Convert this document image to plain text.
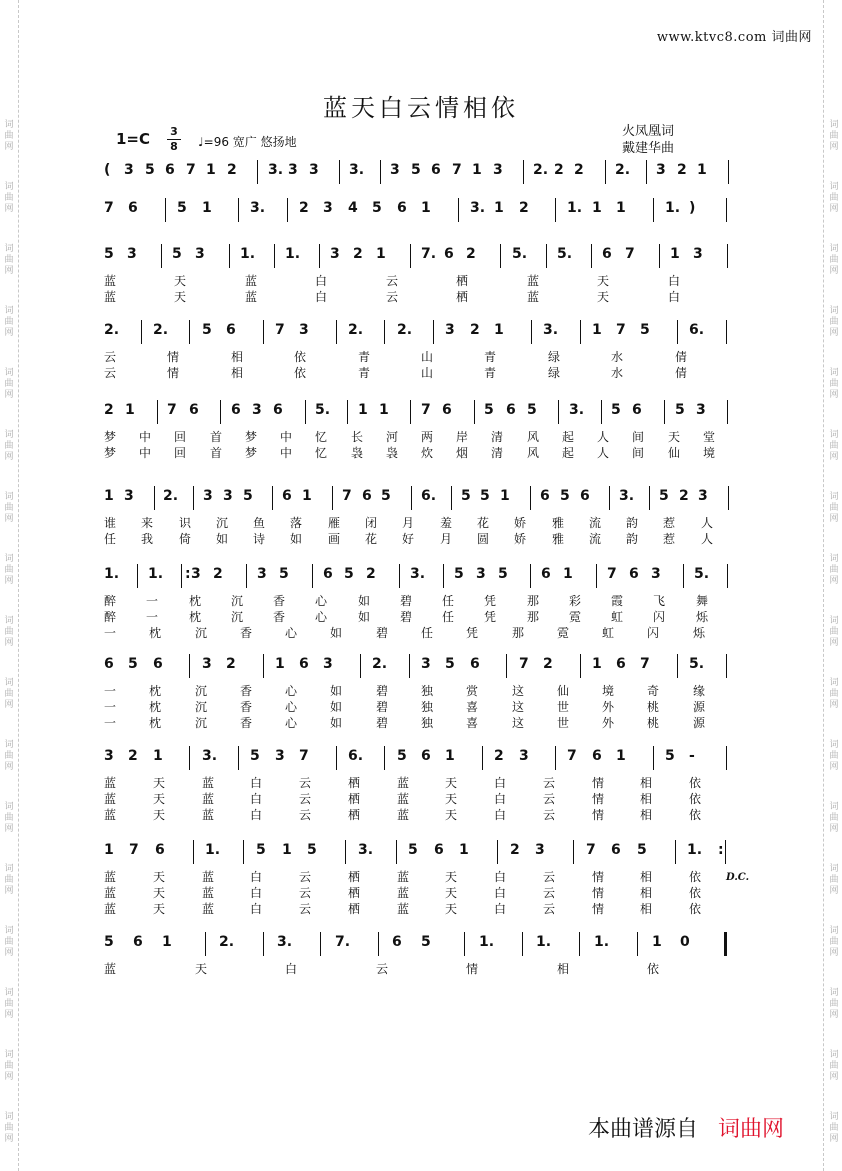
词
曲
网
词
曲
网
词
曲
网
词
曲
网
词
曲
网
词
曲
网
词
曲
网
词
曲
网
词
曲
网
词
曲
网
词
曲
网
词
曲
网
词
曲
网
词
曲
网
词
曲
网
词
曲
网
词
曲
网
词
曲
网
词
曲
网
词
曲
网
词
曲
网
词
曲
网
词
曲
网
词
曲
网
词
曲
网
词
曲
网
词
曲
网
词
曲
网
词
曲
网
词
曲
网
词
曲
网
词
曲
网
词
曲
网
词
曲
网
www.ktvc8.com 词曲网
蓝天白云情相依
1=C 3
8 ♩=96 宽广 悠扬地
火凤凰词
戴建华曲
( 3 5 6 7 1 2 3. 3 3 3. 3 5 6 7 1 3 2. 2 2 2. 3 2 1
7 6	5 1	3. 2 3 4 5 6 1	3. 1 2	1. 1 1	1. )
5 3	5 3	1. 1. 3 2 1	7. 6 2	5. 5. 6 7	1 3
蓝	天	蓝	白	云	栖	蓝	天	白
蓝	天	蓝	白	云	栖	蓝	天	白
2. 2. 5 6	7 3	2. 2. 3 2 1	3. 1 7 5	6.
云	情	相	依	青	山	青	绿	水	倩
云	情	相	依	青	山	青	绿	水	倩
2 1 7 6 6 3 6 5. 1 1 7 6 5 6 5 3. 5 6 5 3
梦 中 回 首 梦 中 忆 长 河 两 岸 清 风 起 人 间 天 堂
梦 中 回 首 梦 中 忆 袅 袅 炊 烟 清 风 起 人 间 仙 境
1 3 2. 3 3 5 6 1 7 6 5 6. 5 5 1 6 5 6 3. 5 2 3
谁 来 识 沉 鱼 落 雁 闭 月 羞 花 娇 雅 流 韵 惹 人
任 我 倚 如 诗 如 画 花 好 月 圆 娇 雅 流 韵 惹 人
1. 1. : 3 2 3 5 6 5 2 3. 5 3 5 6 1 7 6 3 5.
醉 一	枕 沉 香 心	如 碧 任 凭	那 彩 霞 飞	舞
醉 一	枕 沉 香 心	如 碧 任 凭	那 霓 虹 闪	烁
一	枕	沉	香	心	如	碧	任	凭	那	霓	虹	闪	烁
6 5 6	3 2	1 6 3	2. 3 5 6	7 2	1 6 7	5.
一	枕	沉	香	心	如	碧	独	赏	这	仙	境	奇	缘
一	枕	沉	香	心	如	碧	独	喜	这	世	外	桃	源
一	枕	沉	香	心	如	碧	独	喜	这	世	外	桃	源
3 2 1	3. 5 3 7	6. 5 6 1	2 3	7 6 1	5 -
蓝	天	蓝	白	云	栖	蓝	天	白	云	情	相	依
蓝	天	蓝	白	云	栖	蓝	天	白	云	情	相	依
蓝	天	蓝	白	云	栖	蓝	天	白	云	情	相	依
1 7 6	1.	5 1 5	3. 5 6 1	2 3	7 6 5	1. :
蓝	天	蓝	白	云	栖	蓝	天	白	云	情	相	依
蓝	天	蓝	白	云	栖	蓝	天	白	云	情	相	依
蓝	天	蓝	白	云	栖	蓝	天	白	云	情	相	依
D.C.
5 6 1	2.	3.	7.	6 5	1.	1.	1.	1 0
蓝	天	白	云	情	相	依
本曲谱源自 词曲网
